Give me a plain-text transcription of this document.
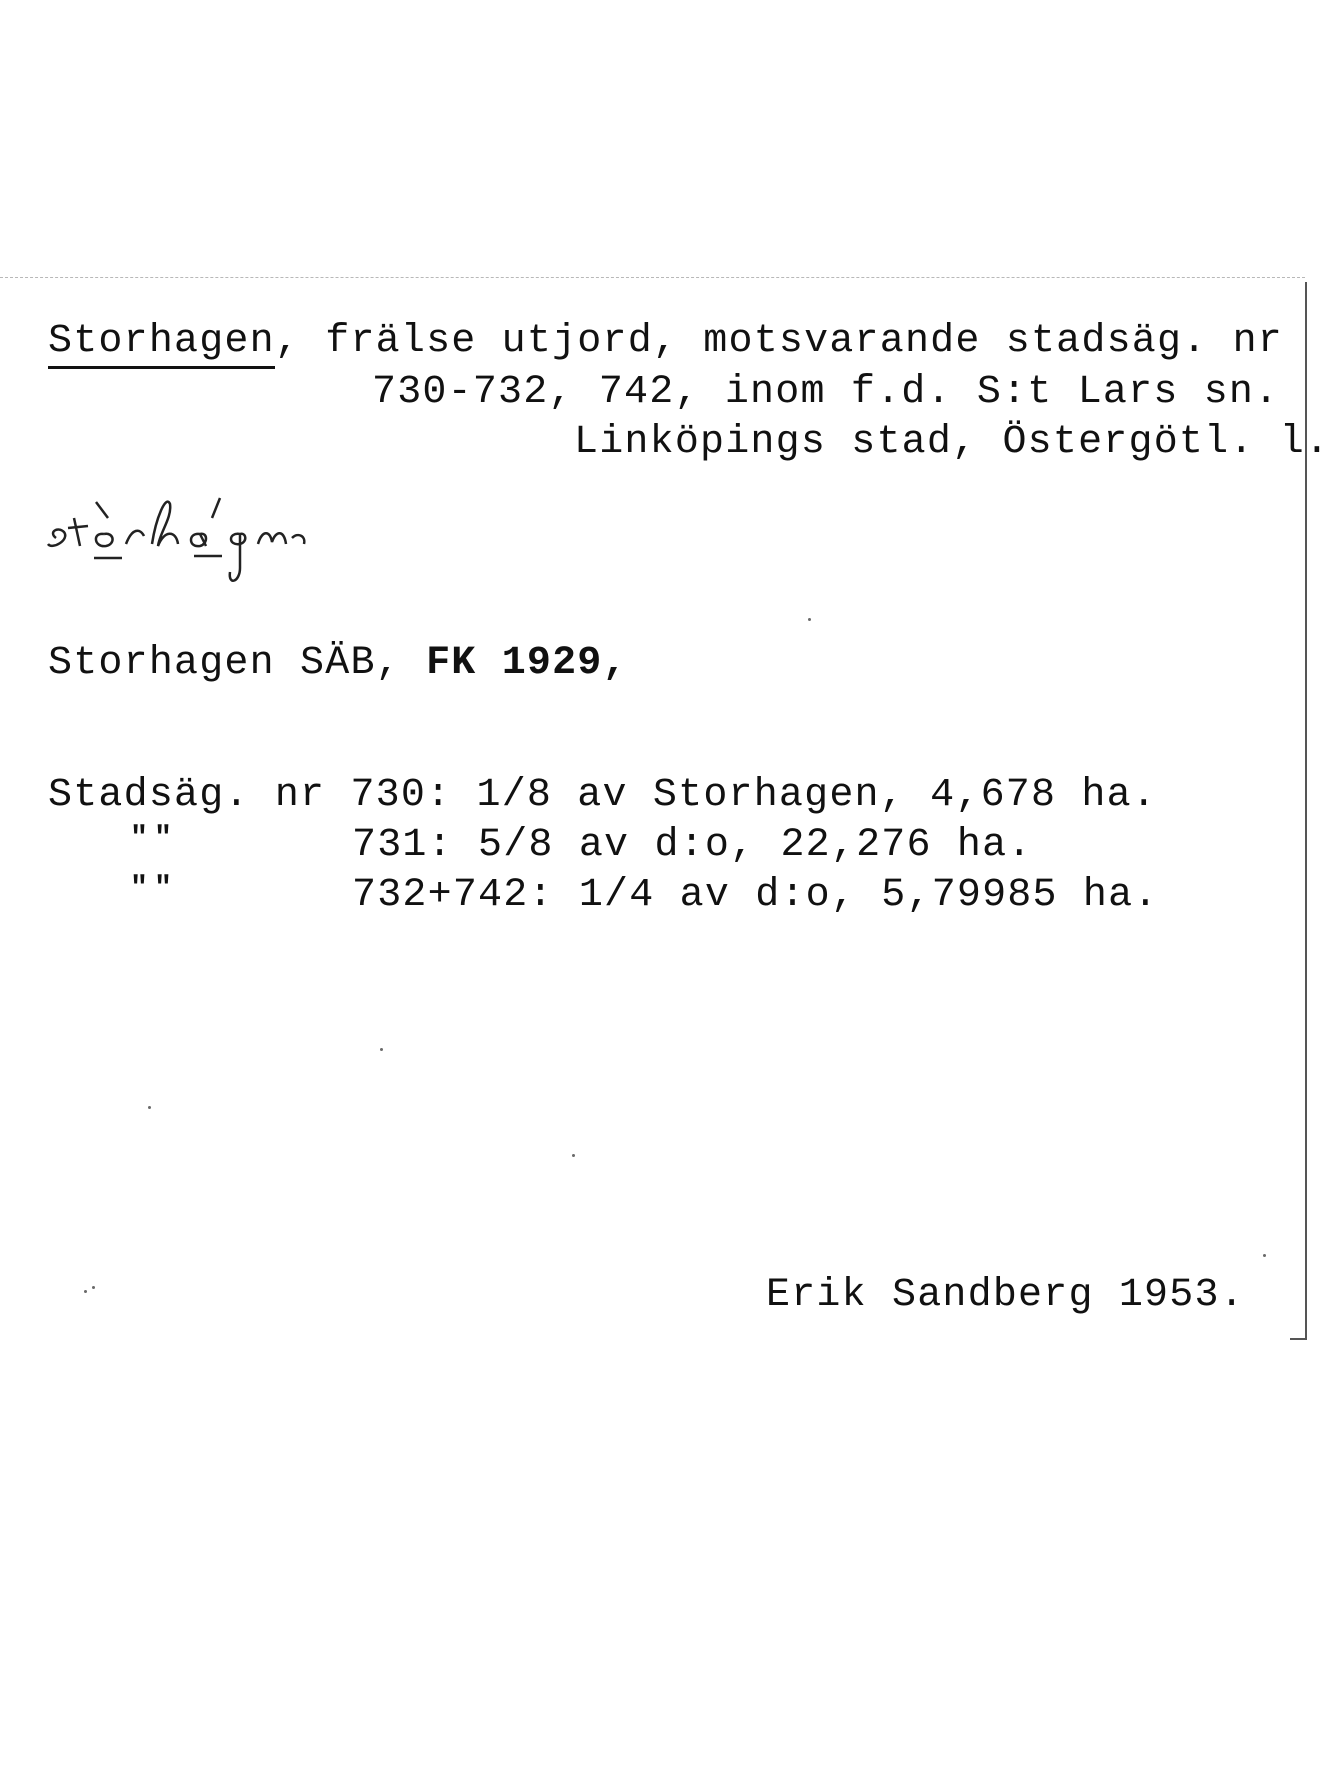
Storhagen, frälse utjord, motsvarande stadsäg. nr
730-732, 742, inom f.d. S:t Lars sn.
Linköpings stad, Östergötl. l.
Storhagen SÄB, FK 1929,
Stadsäg. nr 730: 1/8 av Storhagen, 4,678 ha.
" "	731: 5/8 av d:o, 22,276 ha.
" "	732+742: 1/4 av d:o, 5,79985 ha.
Erik Sandberg 1953.
